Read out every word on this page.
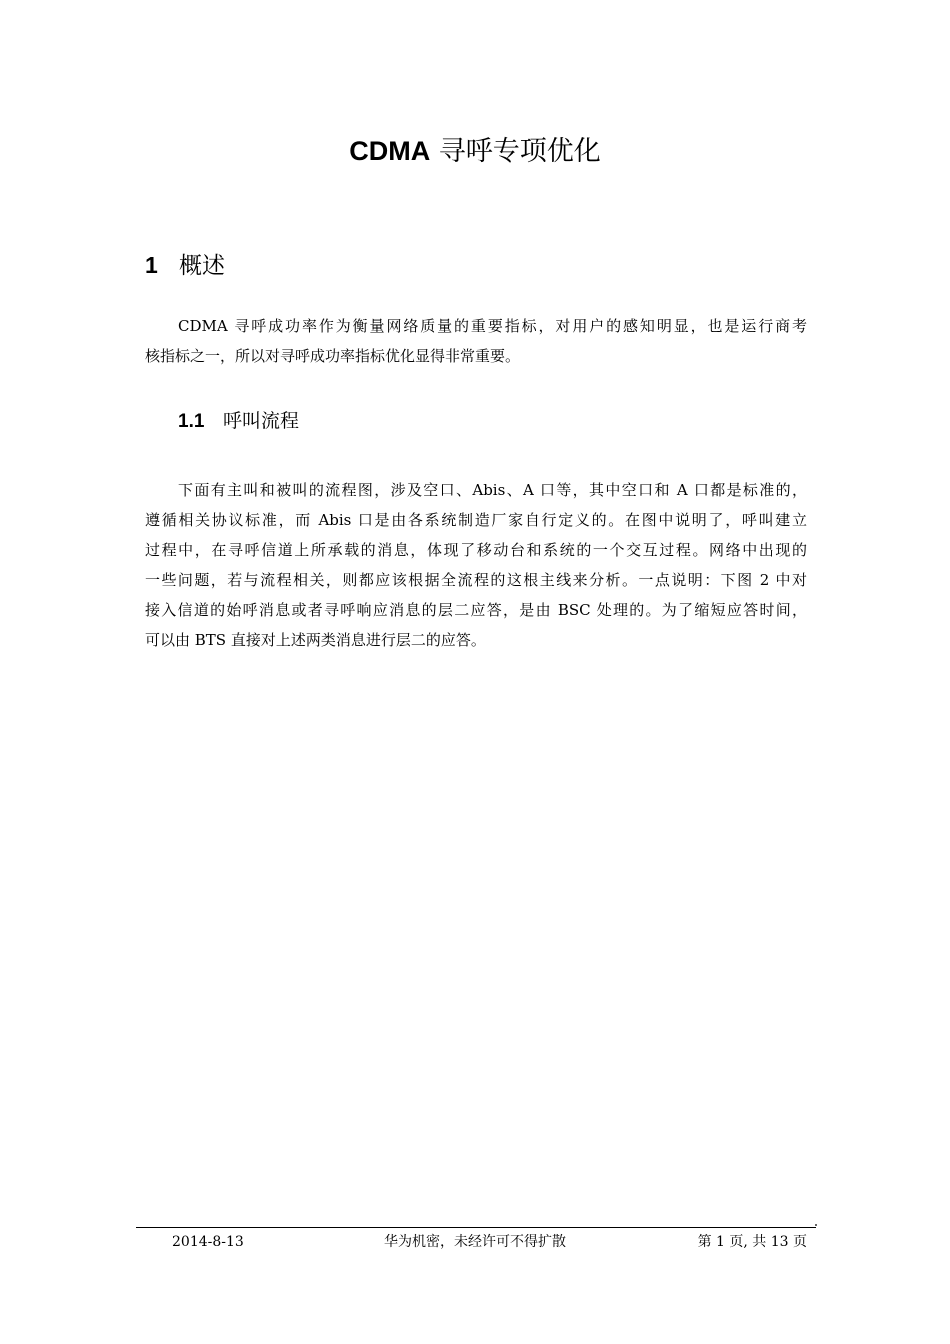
CDMA 寻呼专项优化
1 概述
CDMA 寻呼成功率作为衡量网络质量的重要指标，对用户的感知明显，也是运行商考
核指标之一，所以对寻呼成功率指标优化显得非常重要。
1.1 呼叫流程
下面有主叫和被叫的流程图，涉及空口、Abis、A 口等，其中空口和 A 口都是标准的，
遵循相关协议标准，而 Abis 口是由各系统制造厂家自行定义的。在图中说明了，呼叫建立
过程中，在寻呼信道上所承载的消息，体现了移动台和系统的一个交互过程。网络中出现的
一些问题，若与流程相关，则都应该根据全流程的这根主线来分析。一点说明：下图 2 中对
接入信道的始呼消息或者寻呼响应消息的层二应答，是由 BSC 处理的。为了缩短应答时间，
可以由 BTS 直接对上述两类消息进行层二的应答。
2014-8-13	华为机密，未经许可不得扩散	第 1 页, 共 13 页
